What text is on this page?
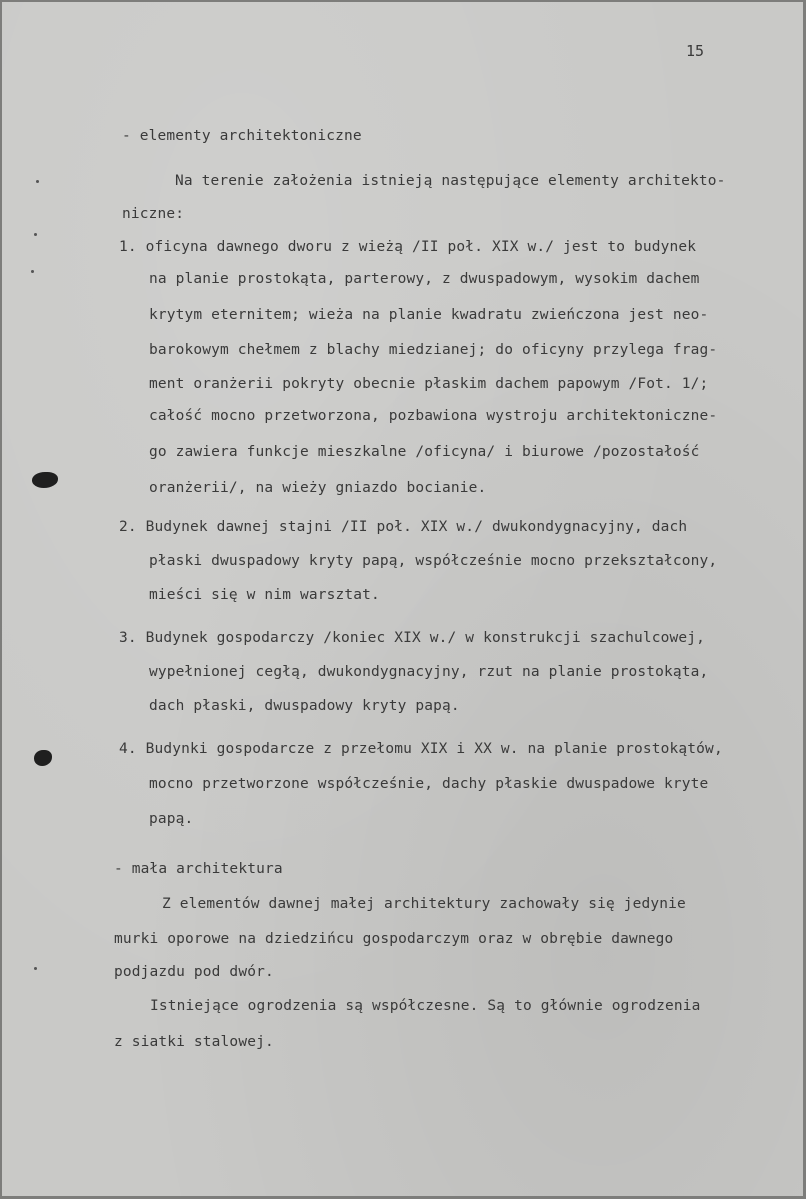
15
- elementy architektoniczne
Na terenie założenia istnieją następujące elementy architekto-
niczne:
1. oficyna dawnego dworu z wieżą /II poł. XIX w./ jest to budynek
na planie prostokąta, parterowy, z dwuspadowym, wysokim dachem
krytym eternitem; wieża na planie kwadratu zwieńczona jest neo-
barokowym chełmem z blachy miedzianej; do oficyny przylega frag-
ment oranżerii pokryty obecnie płaskim dachem papowym /Fot. 1/;
całość mocno przetworzona, pozbawiona wystroju architektoniczne-
go zawiera funkcje mieszkalne /oficyna/ i biurowe /pozostałość
oranżerii/, na wieży gniazdo bocianie.
2. Budynek dawnej stajni /II poł. XIX w./ dwukondygnacyjny, dach
płaski dwuspadowy kryty papą, współcześnie mocno przekształcony,
mieści się w nim warsztat.
3. Budynek gospodarczy /koniec XIX w./ w konstrukcji szachulcowej,
wypełnionej cegłą, dwukondygnacyjny, rzut na planie prostokąta,
dach płaski, dwuspadowy kryty papą.
4. Budynki gospodarcze z przełomu XIX i XX w. na planie prostokątów,
mocno przetworzone współcześnie, dachy płaskie dwuspadowe kryte
papą.
- mała architektura
Z elementów dawnej małej architektury zachowały się jedynie
murki oporowe na dziedzińcu gospodarczym oraz w obrębie dawnego
podjazdu pod dwór.
Istniejące ogrodzenia są współczesne. Są to głównie ogrodzenia
z siatki stalowej.
